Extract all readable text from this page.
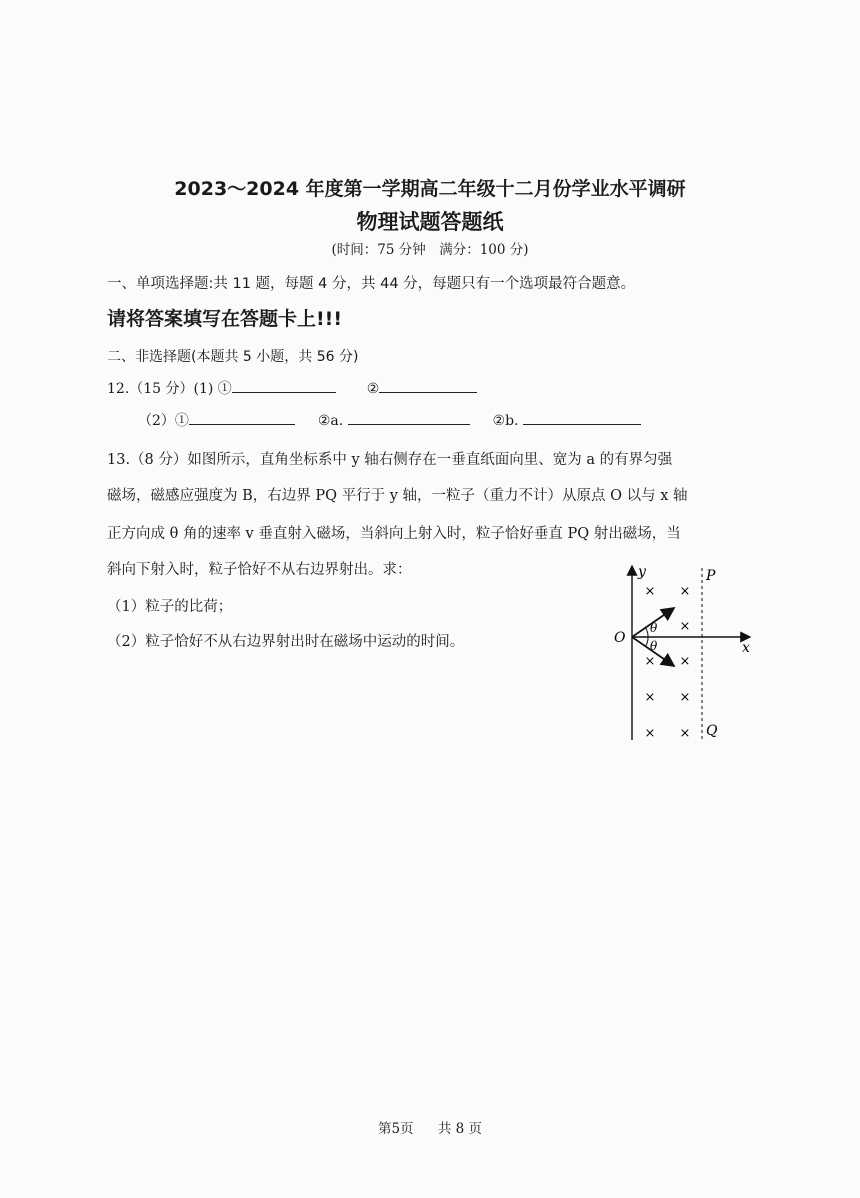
2023～2024 年度第一学期高二年级十二月份学业水平调研
物理试题答题纸
(时间：75 分钟　满分：100 分)
一、单项选择题:共 11 题，每题 4 分，共 44 分，每题只有一个选项最符合题意。
请将答案填写在答题卡上!!!
二、非选择题(本题共 5 小题，共 56 分)
12.（15 分）(1) ①	②
（2）①	②a.	②b.
13.（8 分）如图所示，直角坐标系中 y 轴右侧存在一垂直纸面向里、宽为 a 的有界匀强
磁场，磁感应强度为 B，右边界 PQ 平行于 y 轴，一粒子（重力不计）从原点 O 以与 x 轴
正方向成 θ 角的速率 v 垂直射入磁场，当斜向上射入时，粒子恰好垂直 PQ 射出磁场，当
斜向下射入时，粒子恰好不从右边界射出。求：
（1）粒子的比荷；
（2）粒子恰好不从右边界射出时在磁场中运动的时间。
y
x
O
P
Q
θ
θ
× ×
×
× ×
× ×
× ×
第5页 共 8 页
